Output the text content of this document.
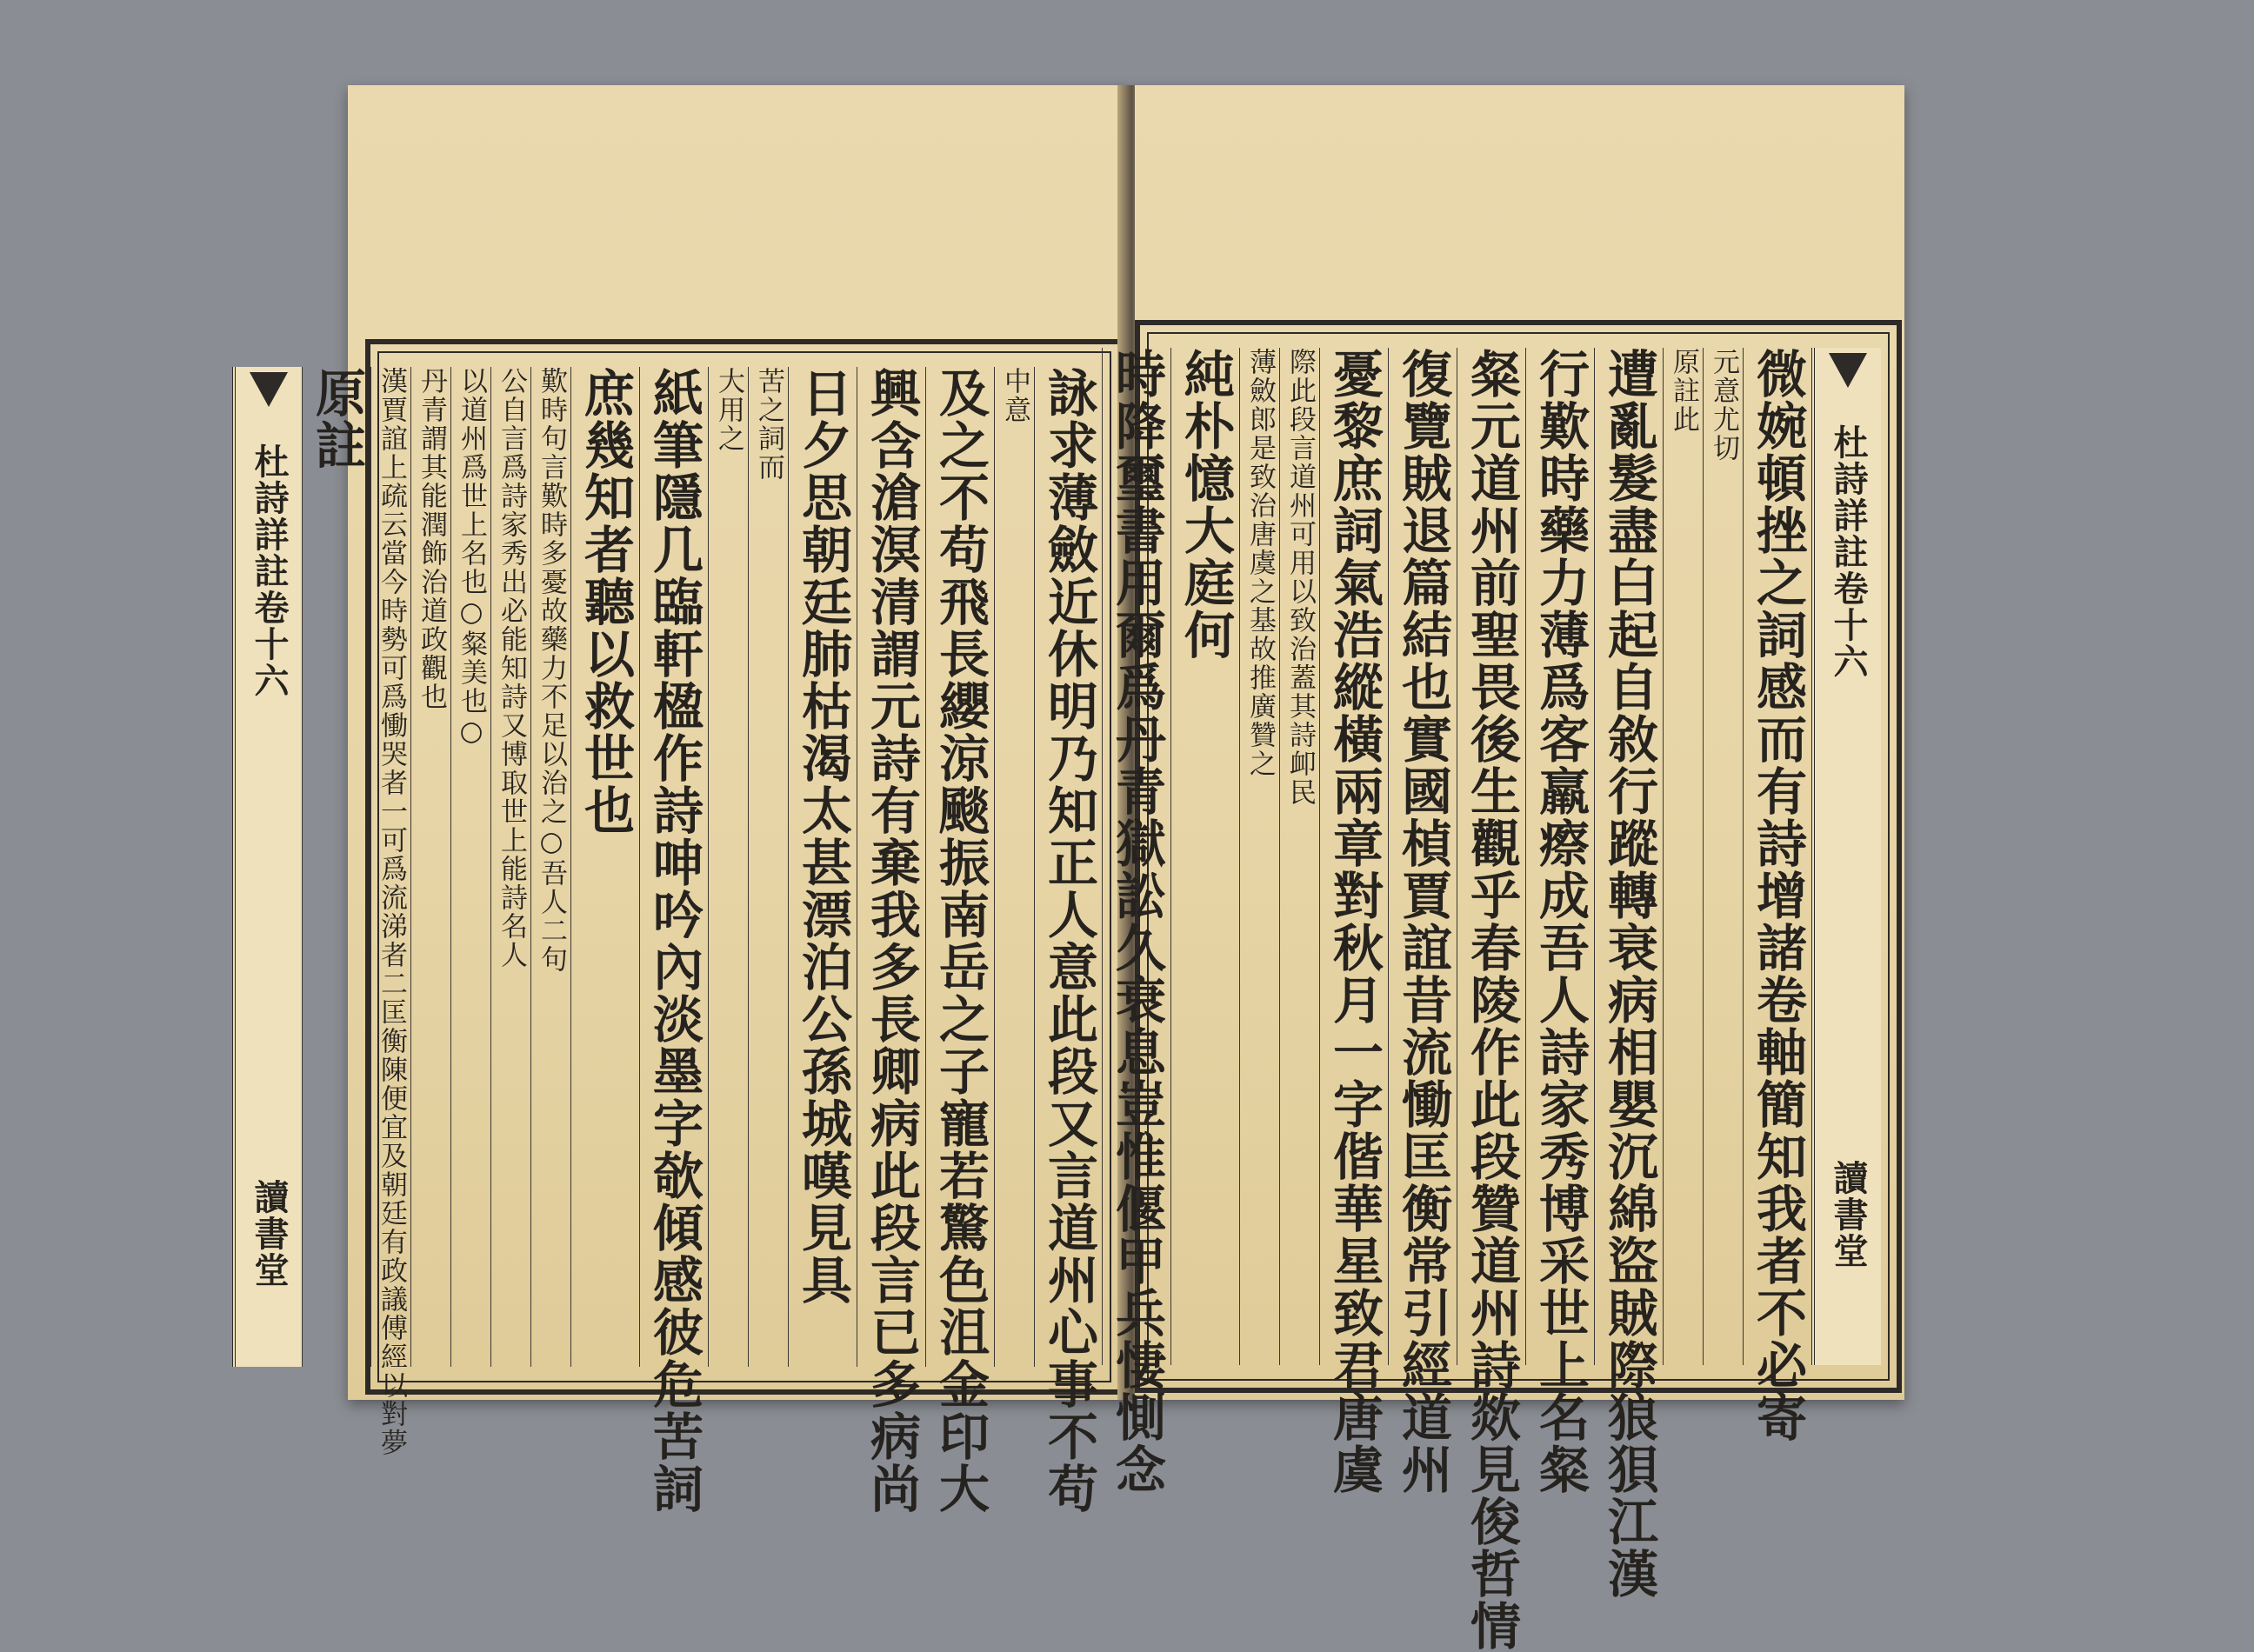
詠求薄斂近休明乃知正人意此段又言道州心事不苟
中意
及之不苟飛長纓涼颷振南岳之子寵若驚色沮金印大
興含滄溟清謂元詩有棄我多長卿病此段言已多病尚
日夕思朝廷肺枯渴太甚漂泊公孫城嘆見具
苦之詞而
大用之
紙筆隱几臨軒楹作詩呻吟內淡墨字欹傾感彼危苦詞
庶幾知者聽以救世也
歎時句言歎時多憂故藥力不足以治之○吾人二句
公自言爲詩家秀出必能知詩又博取世上能詩名人
以道州爲世上名也○粲美也○
丹青謂其能潤飾治道政觀也
漢賈誼上疏云當今時勢可爲慟哭者一可爲流涕者二匡衡陳便宜及朝廷有政議傅經以對夢
原註
杜詩詳註卷十六  讀書堂
杜詩詳註卷十六  讀書堂
微婉頓挫之詞感而有詩增諸卷軸簡知我者不必寄
元意尤切
原註此
遭亂髮盡白起自敘行蹤轉衰病相嬰沉綿盜賊際狼狽江漢
行歎時藥力薄爲客羸瘵成吾人詩家秀博采世上名粲
粲元道州前聖畏後生觀乎春陵作此段贊道州詩欻見俊哲情
復覽賊退篇結也實國楨賈誼昔流慟匡衡常引經道州
憂黎庶詞氣浩縱橫兩章對秋月一字偕華星致君唐虞
際此段言道州可用以致治蓋其詩卹民
薄斂郎是致治唐虞之基故推廣贊之
純朴憶大庭何
時降璽書用爾爲丹青獄訟久衰息豈惟偃甲兵悽惻念
